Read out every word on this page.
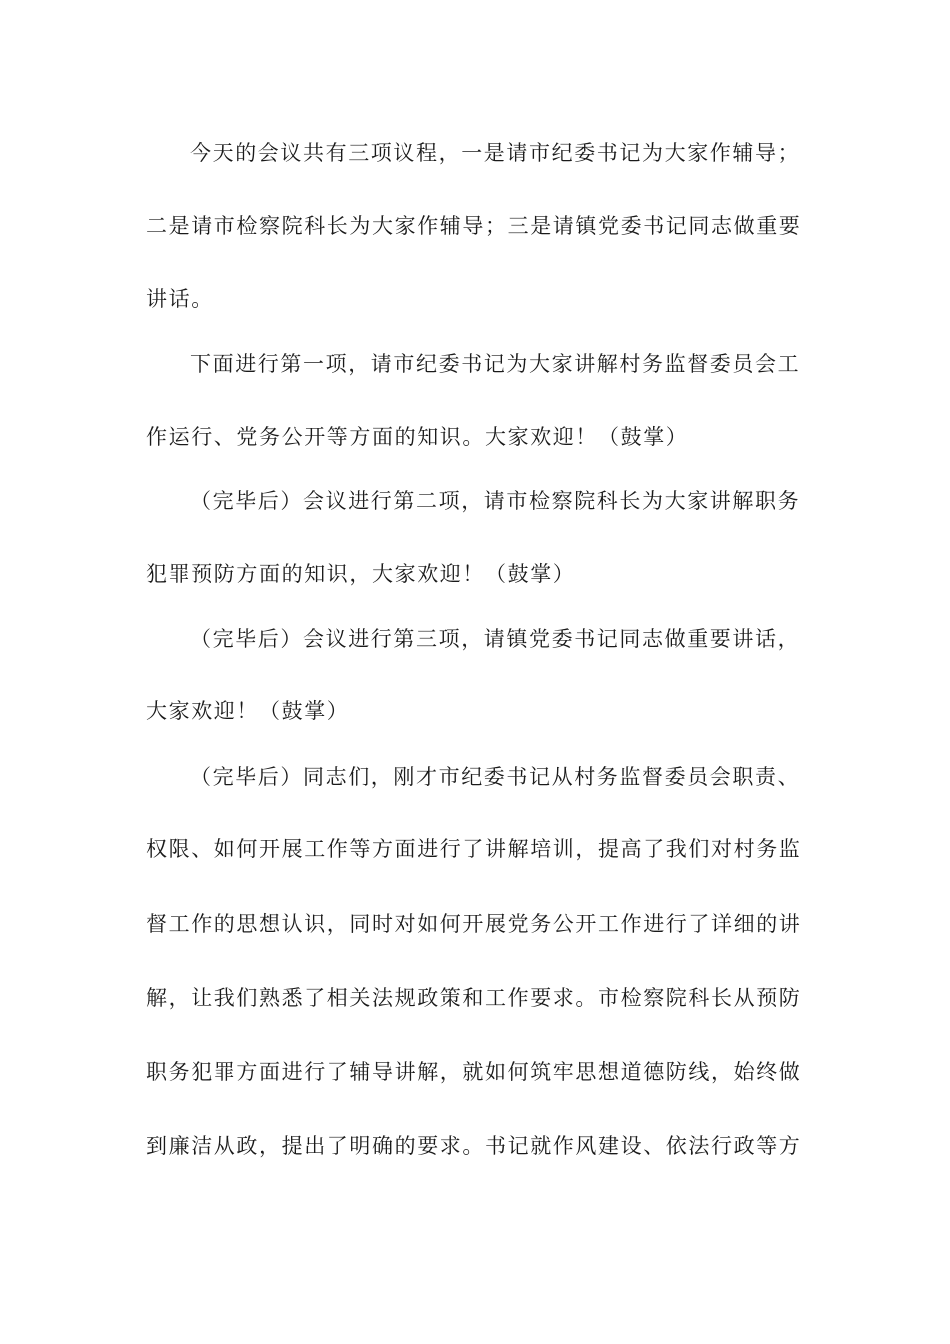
今天的会议共有三项议程，一是请市纪委书记为大家作辅导；
二是请市检察院科长为大家作辅导；三是请镇党委书记同志做重要
讲话。
下面进行第一项，请市纪委书记为大家讲解村务监督委员会工
作运行、党务公开等方面的知识。大家欢迎！（鼓掌）
（完毕后）会议进行第二项，请市检察院科长为大家讲解职务
犯罪预防方面的知识，大家欢迎！（鼓掌）
（完毕后）会议进行第三项，请镇党委书记同志做重要讲话，
大家欢迎！（鼓掌）
（完毕后）同志们，刚才市纪委书记从村务监督委员会职责、
权限、如何开展工作等方面进行了讲解培训，提高了我们对村务监
督工作的思想认识，同时对如何开展党务公开工作进行了详细的讲
解，让我们熟悉了相关法规政策和工作要求。市检察院科长从预防
职务犯罪方面进行了辅导讲解，就如何筑牢思想道德防线，始终做
到廉洁从政，提出了明确的要求。书记就作风建设、依法行政等方
